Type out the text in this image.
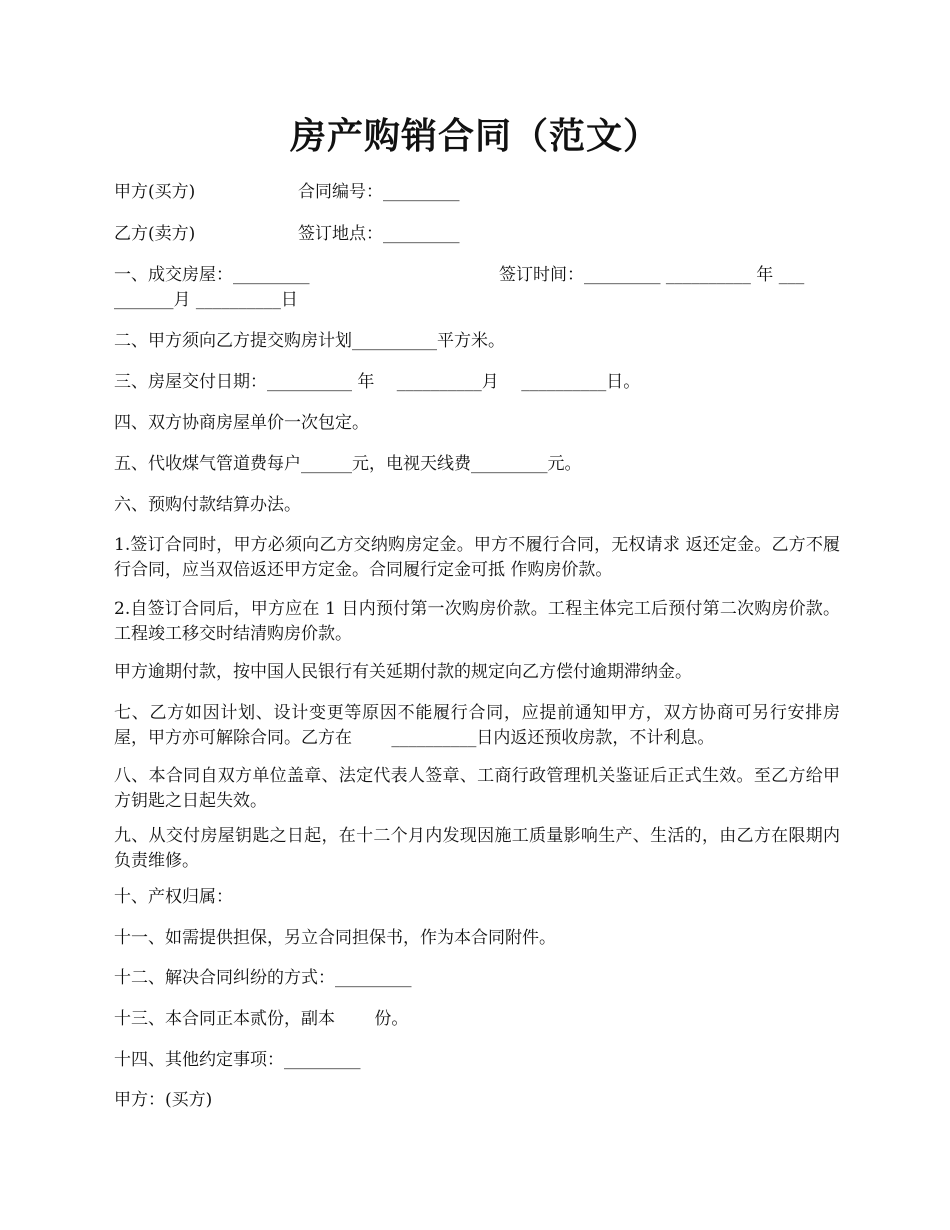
房产购销合同（范文）
甲方(买方)	合同编号：_________
乙方(卖方)	签订地点：_________
一、成交房屋：_________	签订时间：_________ __________ 年 ___
_______月 __________日
二、甲方须向乙方提交购房计划__________平方米。
三、房屋交付日期：__________ 年 　__________月 　__________日。
四、双方协商房屋单价一次包定。
五、代收煤气管道费每户______元，电视天线费_________元。
六、预购付款结算办法。
1.签订合同时，甲方必须向乙方交纳购房定金。甲方不履行合同，无权请求 返还定金。乙方不履行合同，应当双倍返还甲方定金。合同履行定金可抵 作购房价款。
2.自签订合同后，甲方应在 1 日内预付第一次购房价款。工程主体完工后预付第二次购房价款。工程竣工移交时结清购房价款。
甲方逾期付款，按中国人民银行有关延期付款的规定向乙方偿付逾期滞纳金。
七、乙方如因计划、设计变更等原因不能履行合同，应提前通知甲方，双方协商可另行安排房屋，甲方亦可解除合同。乙方在 　　__________日内返还预收房款，不计利息。
八、本合同自双方单位盖章、法定代表人签章、工商行政管理机关鉴证后正式生效。至乙方给甲方钥匙之日起失效。
九、从交付房屋钥匙之日起，在十二个月内发现因施工质量影响生产、生活的，由乙方在限期内负责维修。
十、产权归属：
十一、如需提供担保，另立合同担保书，作为本合同附件。
十二、解决合同纠纷的方式：_________
十三、本合同正本贰份，副本 　　份。
十四、其他约定事项：_________
甲方：(买方)
